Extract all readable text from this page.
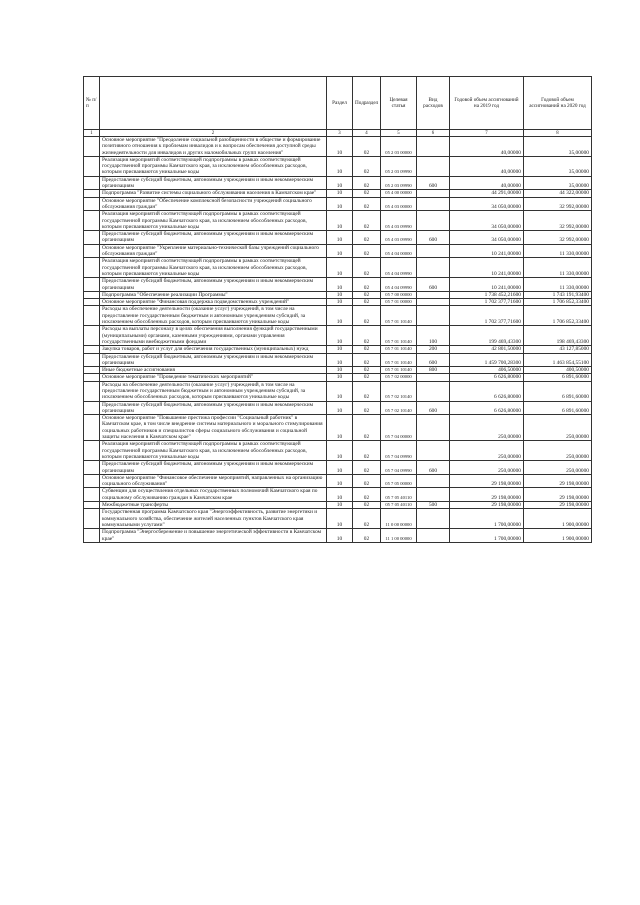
№ п/п		Раздел	Подраздел	Целевая статья	Вид расходов	Годовой объем ассигнований на 2019 год	Годовой объем ассигнований на 2020 год
1	2	3	4	5	6	7	8
	Основное мероприятие "Преодоление социальной разобщенности в обществе и формирование позитивного отношения к проблемам инвалидов и к вопросам обеспечения доступной среды жизнедеятельности для инвалидов и других маломобильных групп населения"	10	02	05 2 03 00000		40,00000	35,00000
	Реализация мероприятий соответствующей подпрограммы в рамках соответствующей государственной программы Камчатского края, за исключением обособленных расходов, которым присваиваются уникальные коды	10	02	05 2 03 09990		40,00000	35,00000
	Предоставление субсидий бюджетным, автономным учреждениям и иным некоммерческим организациям	10	02	05 2 03 09990	600	40,00000	35,00000
	Подпрограмма "Развитие системы социального обслуживания населения в Камчатском крае"	10	02	05 4 00 00000		44 291,00000	44 322,00000
	Основное мероприятие "Обеспечение комплексной безопасности учреждений социального обслуживания граждан"	10	02	05 4 03 00000		34 050,00000	32 992,00000
	Реализация мероприятий соответствующей подпрограммы в рамках соответствующей государственной программы Камчатского края, за исключением обособленных расходов, которым присваиваются уникальные коды	10	02	05 4 03 09990		34 050,00000	32 992,00000
	Предоставление субсидий бюджетным, автономным учреждениям и иным некоммерческим организациям	10	02	05 4 03 09990	600	34 050,00000	32 992,00000
	Основное мероприятие "Укрепление материально-технической базы учреждений социального обслуживания граждан"	10	02	05 4 04 00000		10 241,00000	11 330,00000
	Реализация мероприятий соответствующей подпрограммы в рамках соответствующей государственной программы Камчатского края, за исключением обособленных расходов, которым присваиваются уникальные коды	10	02	05 4 04 09990		10 241,00000	11 330,00000
	Предоставление субсидий бюджетным, автономным учреждениям и иным некоммерческим организациям	10	02	05 4 04 09990	600	10 241,00000	11 330,00000
	Подпрограмма "Обеспечение реализации Программы"	10	02	05 7 00 00000		1 738 452,21600	1 743 191,93400
	Основное мероприятие "Финансовая поддержка подведомственных учреждений"	10	02	05 7 01 00000		1 702 377,71600	1 706 852,33400
	Расходы на обеспечение деятельности (оказание услуг) учреждений, в том числе на предоставление государственным бюджетным и автономным учреждениям субсидий, за исключением обособленных расходов, которым присваиваются уникальные коды	10	02	05 7 01 10140		1 702 377,71600	1 706 852,33400
	Расходы на выплаты персоналу в целях обеспечения выполнения функций государственными (муниципальными) органами, казенными учреждениями, органами управления государственными внебюджетными фондами	10	02	05 7 01 10140	100	199 469,43300	198 469,43300
	Закупка товаров, работ и услуг для обеспечения государственных (муниципальных) нужд	10	02	05 7 01 10140	200	42 801,50000	43 127,85000
	Предоставление субсидий бюджетным, автономным учреждениям и иным некоммерческим организациям	10	02	05 7 01 10140	600	1 459 700,28300	1 463 854,55100
	Иные бюджетные ассигнования	10	02	05 7 01 10140	800	406,50000	400,50000
	Основное мероприятие "Проведение тематических мероприятий"	10	02	05 7 02 00000		6 626,80000	6 891,60000
	Расходы на обеспечение деятельности (оказание услуг) учреждений, в том числе на предоставление государственным бюджетным и автономным учреждениям субсидий, за исключением обособленных расходов, которым присваиваются уникальные коды	10	02	05 7 02 10140		6 626,80000	6 891,60000
	Предоставление субсидий бюджетным, автономным учреждениям и иным некоммерческим организациям	10	02	05 7 02 10140	600	6 626,80000	6 891,60000
	Основное мероприятие "Повышение престижа профессии "Социальный работник" в Камчатском крае, в том числе внедрение системы материального и морального стимулирования социальных работников и специалистов сферы социального обслуживания и социальной защиты населения в Камчатском крае"	10	02	05 7 04 00000		250,00000	250,00000
	Реализация мероприятий соответствующей подпрограммы в рамках соответствующей государственной программы Камчатского края, за исключением обособленных расходов, которым присваиваются уникальные коды	10	02	05 7 04 09990		250,00000	250,00000
	Предоставление субсидий бюджетным, автономным учреждениям и иным некоммерческим организациям	10	02	05 7 04 09990	600	250,00000	250,00000
	Основное мероприятие "Финансовое обеспечение мероприятий, направленных на организацию социального обслуживания"	10	02	05 7 05 00000		29 198,00000	29 198,00000
	Субвенции для осуществления отдельных государственных полномочий Камчатского края по социальному обслуживанию граждан в Камчатском крае	10	02	05 7 05 40110		29 198,00000	29 198,00000
	Межбюджетные трансферты	10	02	05 7 05 40110	500	29 198,00000	29 198,00000
	Государственная программа Камчатского края "Энергоэффективность, развитие энергетики и коммунального хозяйства, обеспечение жителей населенных пунктов Камчатского края коммунальными услугами"	10	02	11 0 00 00000		1 700,00000	1 900,00000
	Подпрограмма "Энергосбережение и повышение энергетической эффективности в Камчатском крае"	10	02	11 1 00 00000		1 700,00000	1 900,00000
